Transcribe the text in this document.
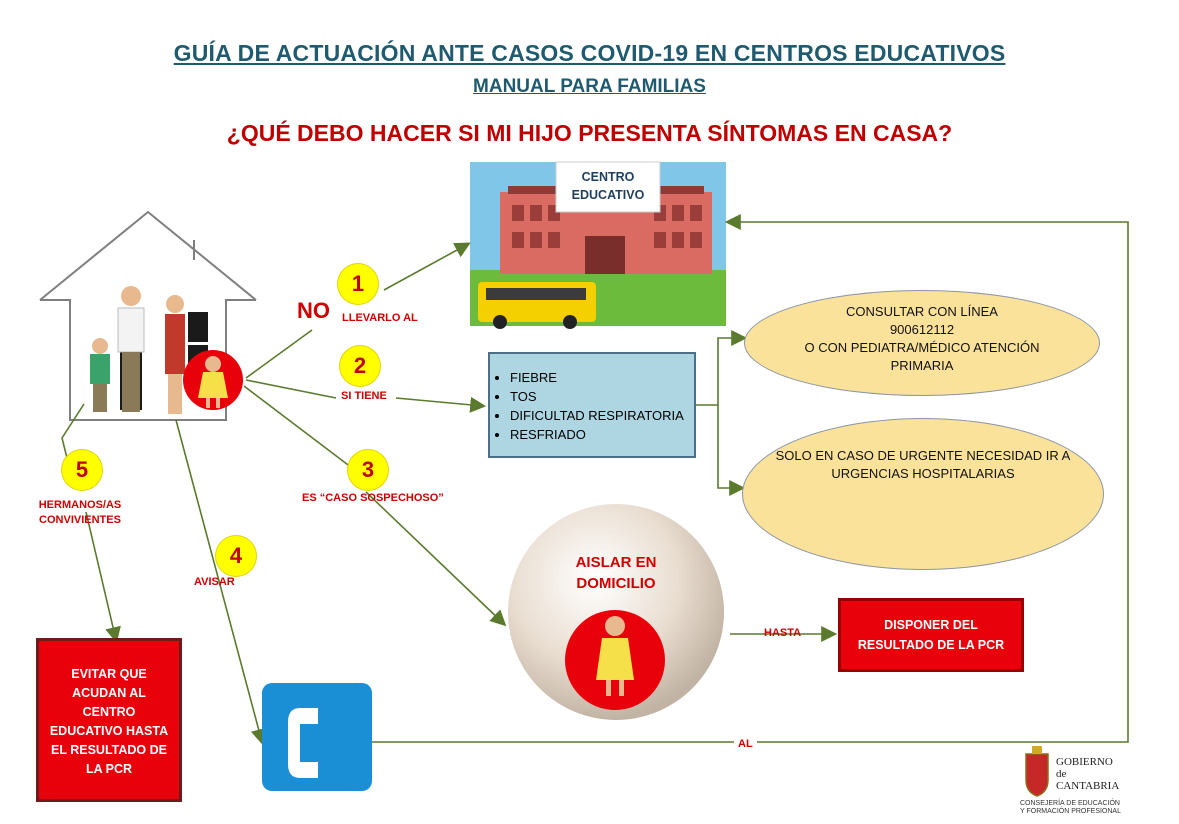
GUÍA DE ACTUACIÓN ANTE CASOS COVID-19 EN CENTROS EDUCATIVOS
MANUAL PARA FAMILIAS
¿QUÉ DEBO HACER SI MI HIJO PRESENTA SÍNTOMAS EN CASA?
CENTRO
EDUCATIVO
1
NO LLEVARLO AL
2
SI TIENE
3
ES “CASO SOSPECHOSO”
4
AVISAR
5
HERMANOS/AS
CONVIVIENTES
• FIEBRE
• TOS
• DIFICULTAD RESPIRATORIA
• RESFRIADO
CONSULTAR CON LÍNEA
900612112
O CON PEDIATRA/MÉDICO ATENCIÓN
PRIMARIA
SOLO EN CASO DE URGENTE NECESIDAD IR A
URGENCIAS HOSPITALARIAS
AISLAR EN
DOMICILIO
HASTA
DISPONER DEL
RESULTADO DE LA PCR
EVITAR QUE
ACUDAN AL
CENTRO
EDUCATIVO HASTA
EL RESULTADO DE
LA PCR
AL
GOBIERNO
de
CANTABRIA
CONSEJERÍA DE EDUCACIÓN
Y FORMACIÓN PROFESIONAL
